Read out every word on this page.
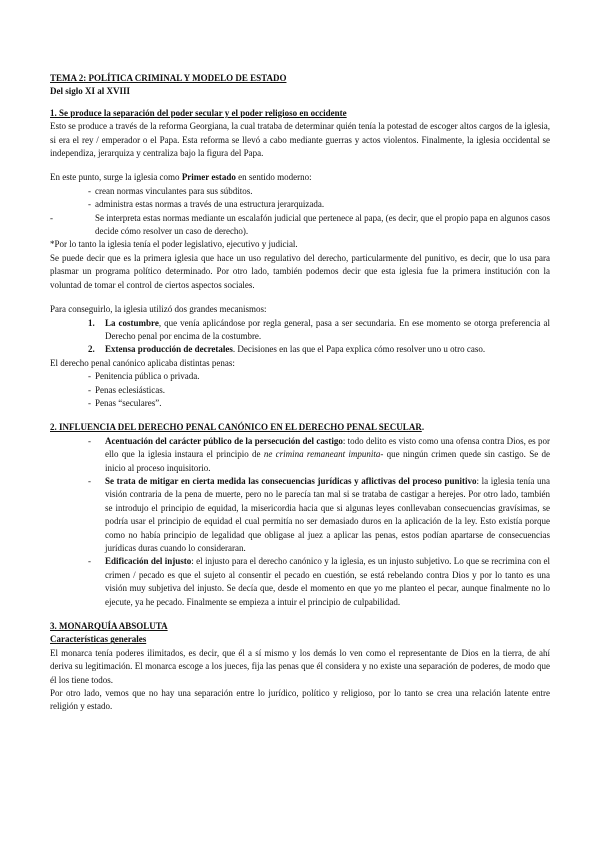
TEMA 2: POLÍTICA CRIMINAL Y MODELO DE ESTADO

Del siglo XI al XVIII

1. Se produce la separación del poder secular y el poder religioso en occidente

Esto se produce a través de la reforma Georgiana, la cual trataba de determinar quién tenía la potestad de escoger altos cargos de la iglesia, si era el rey / emperador o el Papa. Esta reforma se llevó a cabo mediante guerras y actos violentos. Finalmente, la iglesia occidental se independiza, jerarquiza y centraliza bajo la figura del Papa.

En este punto, surge la iglesia como Primer estado en sentido moderno:

- crean normas vinculantes para sus súbditos.
- administra estas normas a través de una estructura jerarquizada.
-	Se interpreta estas normas mediante un escalafón judicial que pertenece al papa, (es decir, que el propio papa en algunos casos decide cómo resolver un caso de derecho).

*Por lo tanto la iglesia tenía el poder legislativo, ejecutivo y judicial.

Se puede decir que es la primera iglesia que hace un uso regulativo del derecho, particularmente del punitivo, es decir, que lo usa para plasmar un programa político determinado. Por otro lado, también podemos decir que esta iglesia fue la primera institución con la voluntad de tomar el control de ciertos aspectos sociales.

Para conseguirlo, la iglesia utilizó dos grandes mecanismos:

1.	La costumbre, que venía aplicándose por regla general, pasa a ser secundaria. En ese momento se otorga preferencia al Derecho penal por encima de la costumbre.
2.	Extensa producción de decretales. Decisiones en las que el Papa explica cómo resolver uno u otro caso.

El derecho penal canónico aplicaba distintas penas:

- Penitencia pública o privada.
- Penas eclesiásticas.
- Penas “seculares”.

2. INFLUENCIA DEL DERECHO PENAL CANÓNICO EN EL DERECHO PENAL SECULAR.

-	Acentuación del carácter público de la persecución del castigo: todo delito es visto como una ofensa contra Dios, es por ello que la iglesia instaura el principio de ne crimina remaneant impunita- que ningún crimen quede sin castigo. Se de inicio al proceso inquisitorio.
-	Se trata de mitigar en cierta medida las consecuencias jurídicas y aflictivas del proceso punitivo: la iglesia tenía una visión contraria de la pena de muerte, pero no le parecía tan mal si se trataba de castigar a herejes. Por otro lado, también se introdujo el principio de equidad, la misericordia hacia que si algunas leyes conllevaban consecuencias gravísimas, se podría usar el principio de equidad el cual permitía no ser demasiado duros en la aplicación de la ley. Esto existía porque como no había principio de legalidad que obligase al juez a aplicar las penas, estos podían apartarse de consecuencias jurídicas duras cuando lo consideraran.
-	Edificación del injusto: el injusto para el derecho canónico y la iglesia, es un injusto subjetivo. Lo que se recrimina con el crimen / pecado es que el sujeto al consentir el pecado en cuestión, se está rebelando contra Dios y por lo tanto es una visión muy subjetiva del injusto. Se decía que, desde el momento en que yo me planteo el pecar, aunque finalmente no lo ejecute, ya he pecado. Finalmente se empieza a intuir el principio de culpabilidad.

3. MONARQUÍA ABSOLUTA

Características generales

El monarca tenía poderes ilimitados, es decir, que él a sí mismo y los demás lo ven como el representante de Dios en la tierra, de ahí deriva su legitimación. El monarca escoge a los jueces, fija las penas que él considera y no existe una separación de poderes, de modo que él los tiene todos.

Por otro lado, vemos que no hay una separación entre lo jurídico, político y religioso, por lo tanto se crea una relación latente entre religión y estado.
